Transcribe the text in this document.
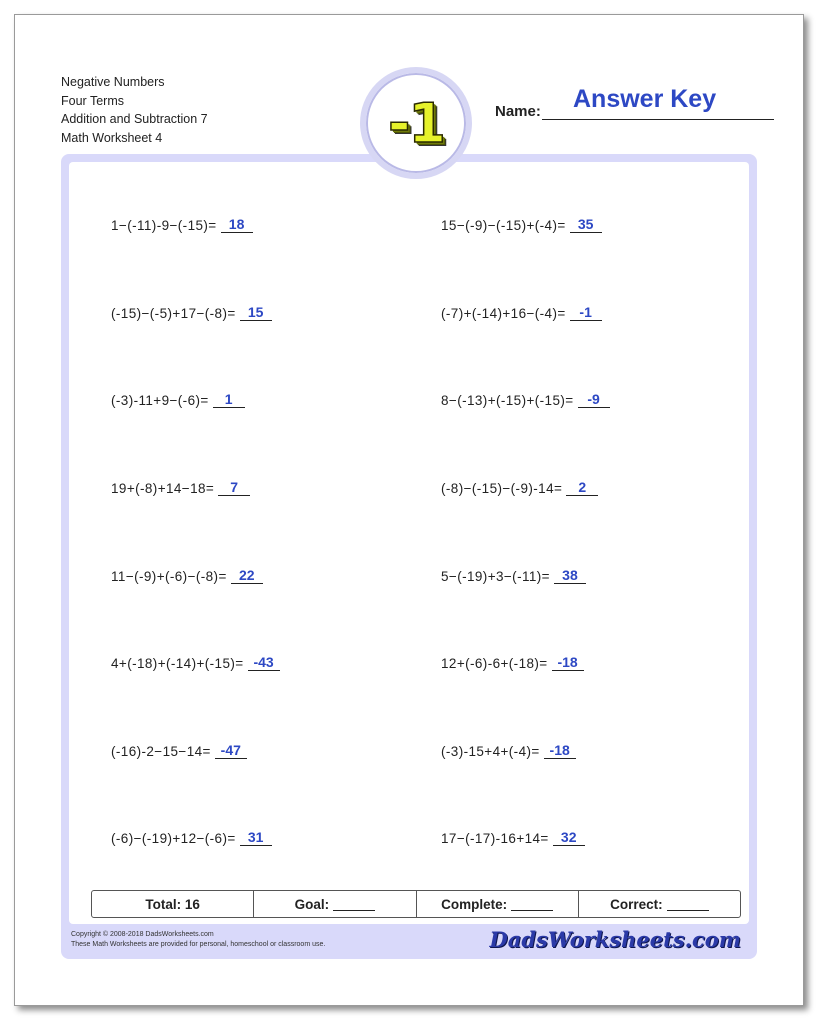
Negative Numbers
Four Terms
Addition and Subtraction 7
Math Worksheet 4	-1	Answer Key
Name:
1−(-11)-9−(-15)= 18	15−(-9)−(-15)+(-4)= 35
(-15)−(-5)+17−(-8)= 15	(-7)+(-14)+16−(-4)= -1
(-3)-11+9−(-6)=	1	8−(-13)+(-15)+(-15)= -9
19+(-8)+14−18=	7	(-8)−(-15)−(-9)-14=	2
11−(-9)+(-6)−(-8)= 22	5−(-19)+3−(-11)= 38
4+(-18)+(-14)+(-15)= -43	12+(-6)-6+(-18)= -18
(-16)-2−15−14= -47	(-3)-15+4+(-4)= -18
(-6)−(-19)+12−(-6)= 31	17−(-17)-16+14= 32
Total: 16	Goal:	Complete:	Correct:
Copyright © 2008-2018 DadsWorksheets.com
These Math Worksheets are provided for personal, homeschool or classroom use.	DadsWorksheets.com
